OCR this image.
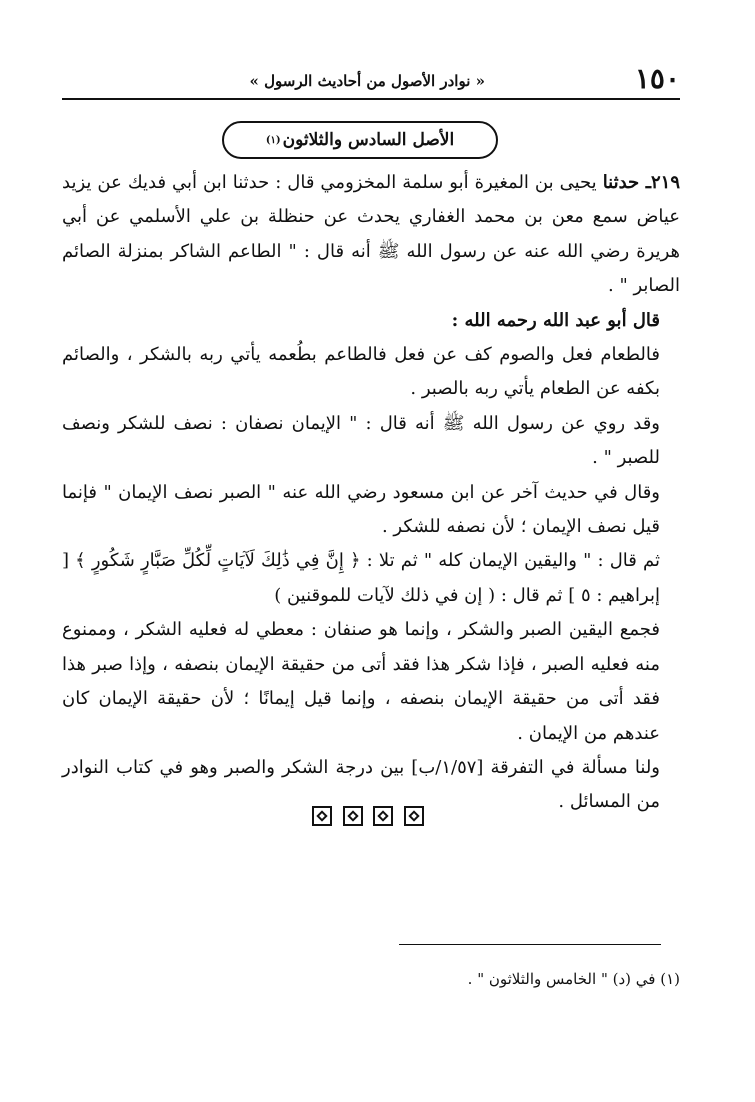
١٥٠
« نوادر الأصول من أحاديث الرسول »
الأصل السادس والثلاثون
(١)

٢١٩ـ حدثنا يحيى بن المغيرة أبو سلمة المخزومي قال : حدثنا ابن أبي فديك عن يزيد عياض سمع معن بن محمد الغفاري يحدث عن حنظلة بن علي الأسلمي عن أبي هريرة رضي الله عنه عن رسول الله ﷺ أنه قال : " الطاعم الشاكر بمنزلة الصائم الصابر " .

قال أبو عبد الله رحمه الله :

فالطعام فعل والصوم كف عن فعل فالطاعم بطُعمه يأتي ربه بالشكر ، والصائم بكفه عن الطعام يأتي ربه بالصبر .

وقد روي عن رسول الله ﷺ أنه قال : " الإيمان نصفان : نصف للشكر ونصف للصبر " .

وقال في حديث آخر عن ابن مسعود رضي الله عنه " الصبر نصف الإيمان " فإنما قيل نصف الإيمان ؛ لأن نصفه للشكر .

ثم قال : " واليقين الإيمان كله " ثم تلا : ﴿ إِنَّ فِي ذَٰلِكَ لَآيَاتٍ لِّكُلِّ صَبَّارٍ شَكُورٍ ﴾ [ إبراهيم : ٥ ] ثم قال : ( إن في ذلك لآيات للموقنين )

فجمع اليقين الصبر والشكر ، وإنما هو صنفان : معطي له فعليه الشكر ، وممنوع منه فعليه الصبر ، فإذا شكر هذا فقد أتى من حقيقة الإيمان بنصفه ، وإذا صبر هذا فقد أتى من حقيقة الإيمان بنصفه ، وإنما قيل إيمانًا ؛ لأن حقيقة الإيمان كان عندهم من الإيمان .

ولنا مسألة في التفرقة [١/٥٧/ب] بين درجة الشكر والصبر وهو في كتاب النوادر من المسائل .

(١) في (د) " الخامس والثلاثون " .
